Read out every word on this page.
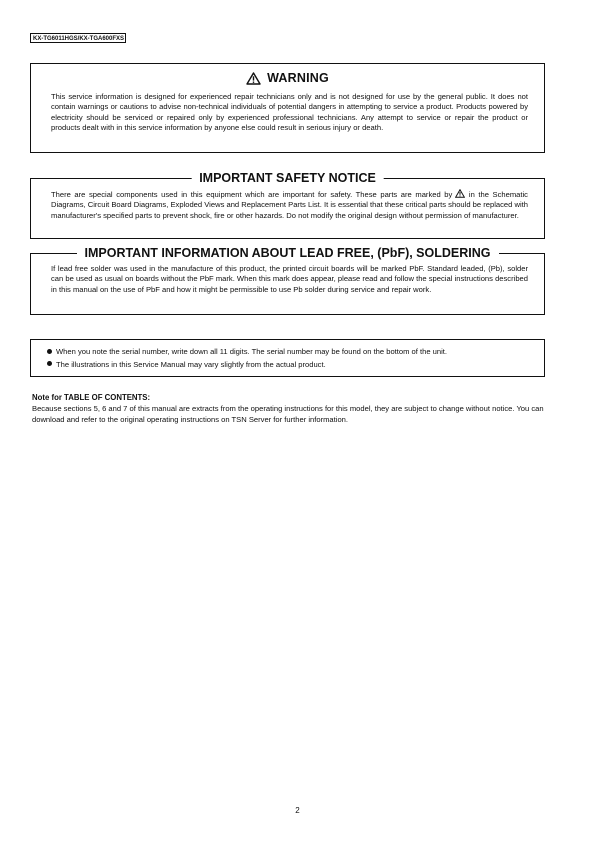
KX-TG6011HGS/KX-TGA600FXS
WARNING
This service information is designed for experienced repair technicians only and is not designed for use by the general public. It does not contain warnings or cautions to advise non-technical individuals of potential dangers in attempting to service a product. Products powered by electricity should be serviced or repaired only by experienced professional technicians. Any attempt to service or repair the product or products dealt with in this service information by anyone else could result in serious injury or death.
IMPORTANT SAFETY NOTICE
There are special components used in this equipment which are important for safety. These parts are marked by in the Schematic Diagrams, Circuit Board Diagrams, Exploded Views and Replacement Parts List. It is essential that these critical parts should be replaced with manufacturer's specified parts to prevent shock, fire or other hazards. Do not modify the original design without permission of manufacturer.
IMPORTANT INFORMATION ABOUT LEAD FREE, (PbF), SOLDERING
If lead free solder was used in the manufacture of this product, the printed circuit boards will be marked PbF. Standard leaded, (Pb), solder can be used as usual on boards without the PbF mark. When this mark does appear, please read and follow the special instructions described in this manual on the use of PbF and how it might be permissible to use Pb solder during service and repair work.
When you note the serial number, write down all 11 digits. The serial number may be found on the bottom of the unit.
The illustrations in this Service Manual may vary slightly from the actual product.
Note for TABLE OF CONTENTS:
Because sections 5, 6 and 7 of this manual are extracts from the operating instructions for this model, they are subject to change without notice. You can download and refer to the original operating instructions on TSN Server for further information.
2
